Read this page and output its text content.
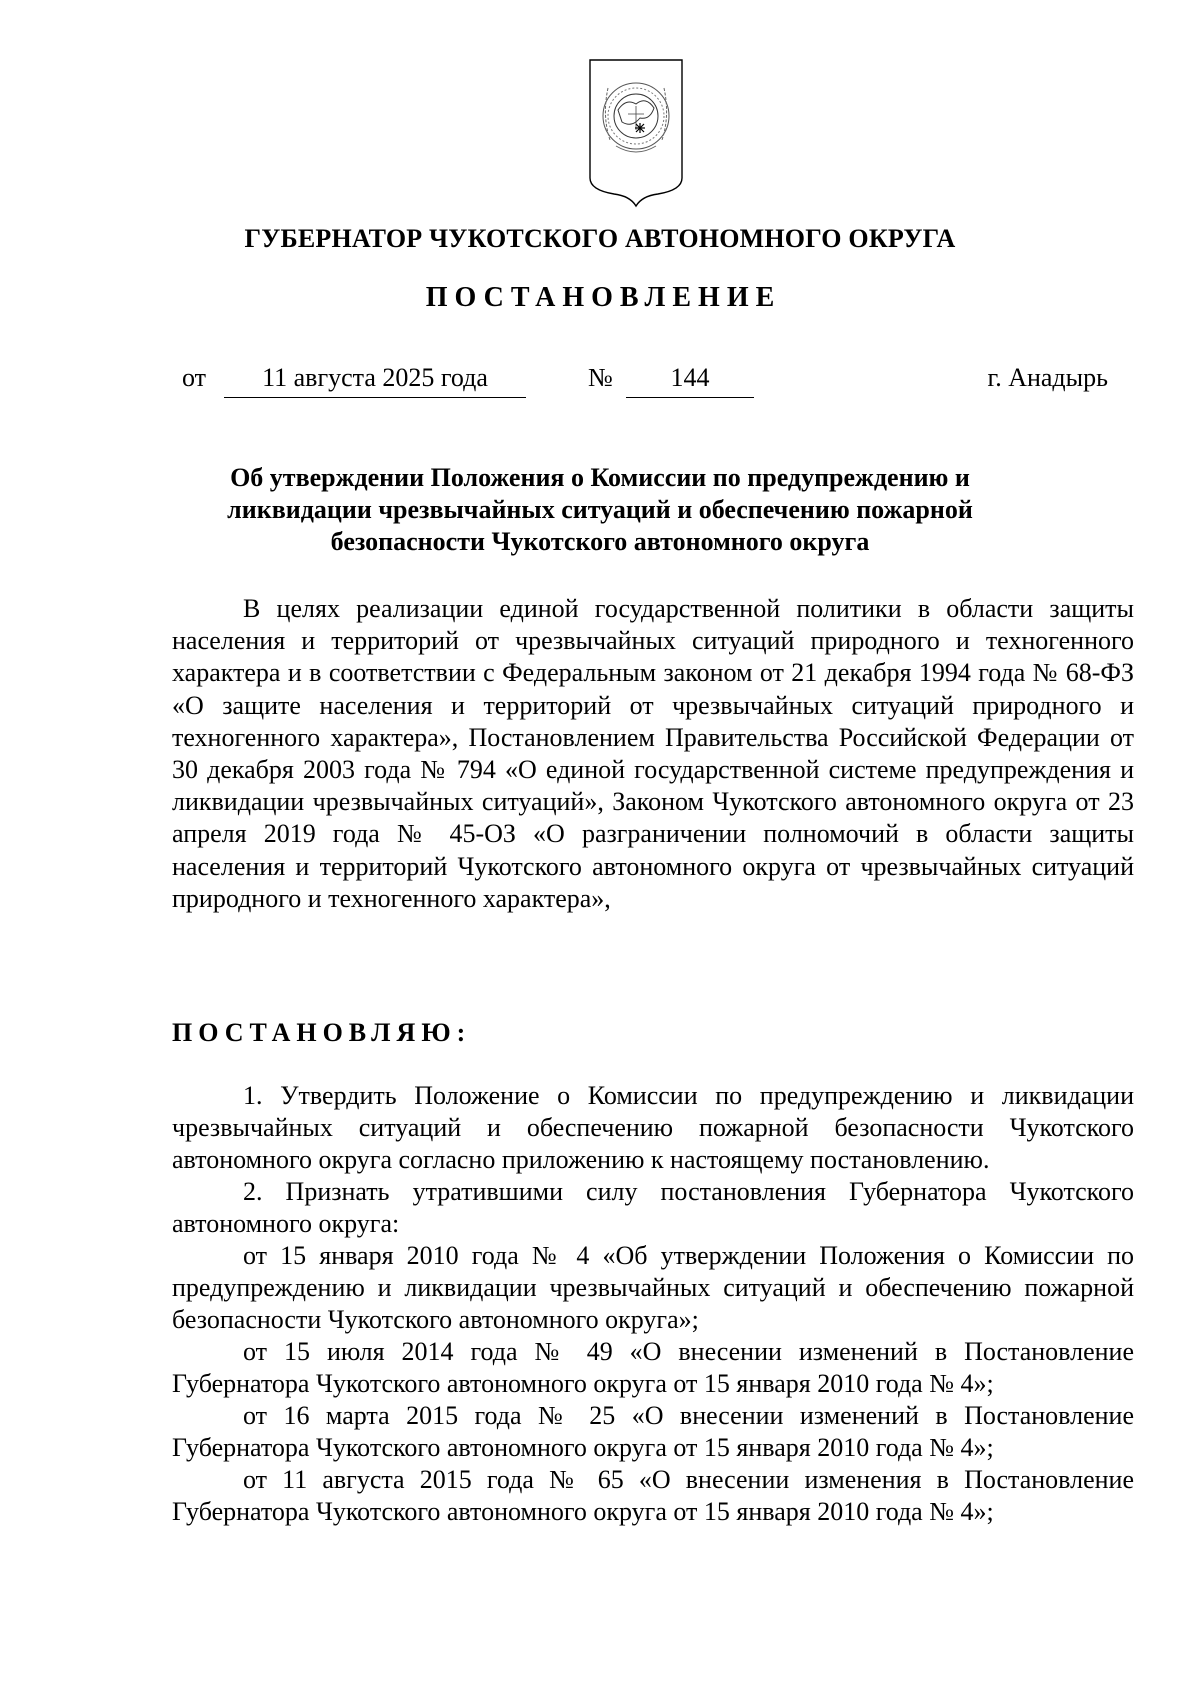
ГУБЕРНАТОР ЧУКОТСКОГО АВТОНОМНОГО ОКРУГА
ПОСТАНОВЛЕНИЕ
от	11 августа 2025 года	№	144	г. Анадырь
Об утверждении Положения о Комиссии по предупреждению и ликвидации чрезвычайных ситуаций и обеспечению пожарной безопасности Чукотского автономного округа

В целях реализации единой государственной политики в области защиты населения и территорий от чрезвычайных ситуаций природного и техногенного характера и в соответствии с Федеральным законом от 21 декабря 1994 года № 68-ФЗ «О защите населения и территорий от чрезвычайных ситуаций природного и техногенного характера», Постановлением Правительства Российской Федерации от 30 декабря 2003 года № 794 «О единой государственной системе предупреждения и ликвидации чрезвычайных ситуаций», Законом Чукотского автономного округа от 23 апреля 2019 года № 45-ОЗ «О разграничении полномочий в области защиты населения и территорий Чукотского автономного округа от чрезвычайных ситуаций природного и техногенного характера»,

ПОСТАНОВЛЯЮ:

1. Утвердить Положение о Комиссии по предупреждению и ликвидации чрезвычайных ситуаций и обеспечению пожарной безопасности Чукотского автономного округа согласно приложению к настоящему постановлению.

2. Признать утратившими силу постановления Губернатора Чукотского автономного округа:

от 15 января 2010 года № 4 «Об утверждении Положения о Комиссии по предупреждению и ликвидации чрезвычайных ситуаций и обеспечению пожарной безопасности Чукотского автономного округа»;

от 15 июля 2014 года № 49 «О внесении изменений в Постановление Губернатора Чукотского автономного округа от 15 января 2010 года № 4»;

от 16 марта 2015 года № 25 «О внесении изменений в Постановление Губернатора Чукотского автономного округа от 15 января 2010 года № 4»;

от 11 августа 2015 года № 65 «О внесении изменения в Постановление Губернатора Чукотского автономного округа от 15 января 2010 года № 4»;
